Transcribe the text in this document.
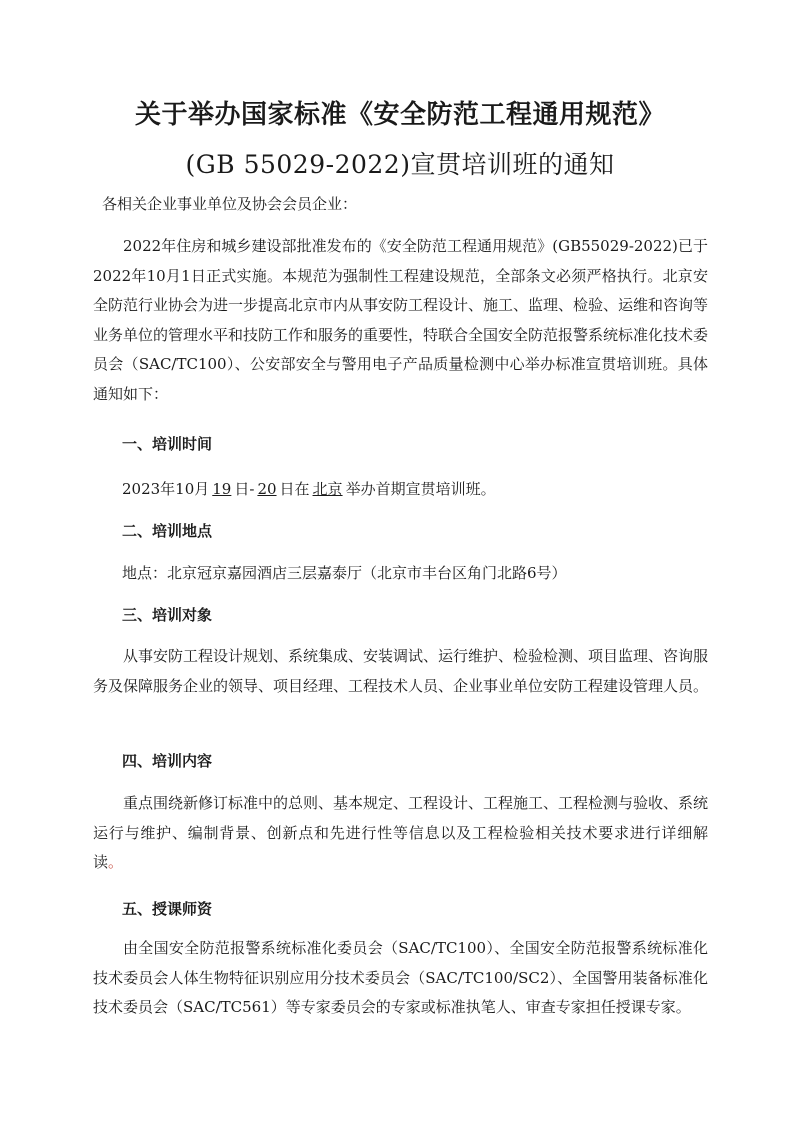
关于举办国家标准《安全防范工程通用规范》
(GB 55029-2022)宣贯培训班的通知
各相关企业事业单位及协会会员企业：
2022年住房和城乡建设部批准发布的《安全防范工程通用规范》(GB55029-2022)已于2022年10月1日正式实施。本规范为强制性工程建设规范，全部条文必须严格执行。北京安全防范行业协会为进一步提高北京市内从事安防工程设计、施工、监理、检验、运维和咨询等业务单位的管理水平和技防工作和服务的重要性，特联合全国安全防范报警系统标准化技术委员会（SAC/TC100）、公安部安全与警用电子产品质量检测中心举办标准宣贯培训班。具体通知如下：
一、培训时间
2023年10月 19 日- 20 日在 北京 举办首期宣贯培训班。
二、培训地点
地点：北京冠京嘉园酒店三层嘉泰厅（北京市丰台区角门北路6号）
三、培训对象
从事安防工程设计规划、系统集成、安装调试、运行维护、检验检测、项目监理、咨询服务及保障服务企业的领导、项目经理、工程技术人员、企业事业单位安防工程建设管理人员。
四、培训内容
重点围绕新修订标准中的总则、基本规定、工程设计、工程施工、工程检测与验收、系统运行与维护、编制背景、创新点和先进行性等信息以及工程检验相关技术要求进行详细解读。
五、授课师资
由全国安全防范报警系统标准化委员会（SAC/TC100）、全国安全防范报警系统标准化技术委员会人体生物特征识别应用分技术委员会（SAC/TC100/SC2）、全国警用装备标准化技术委员会（SAC/TC561）等专家委员会的专家或标准执笔人、审查专家担任授课专家。
